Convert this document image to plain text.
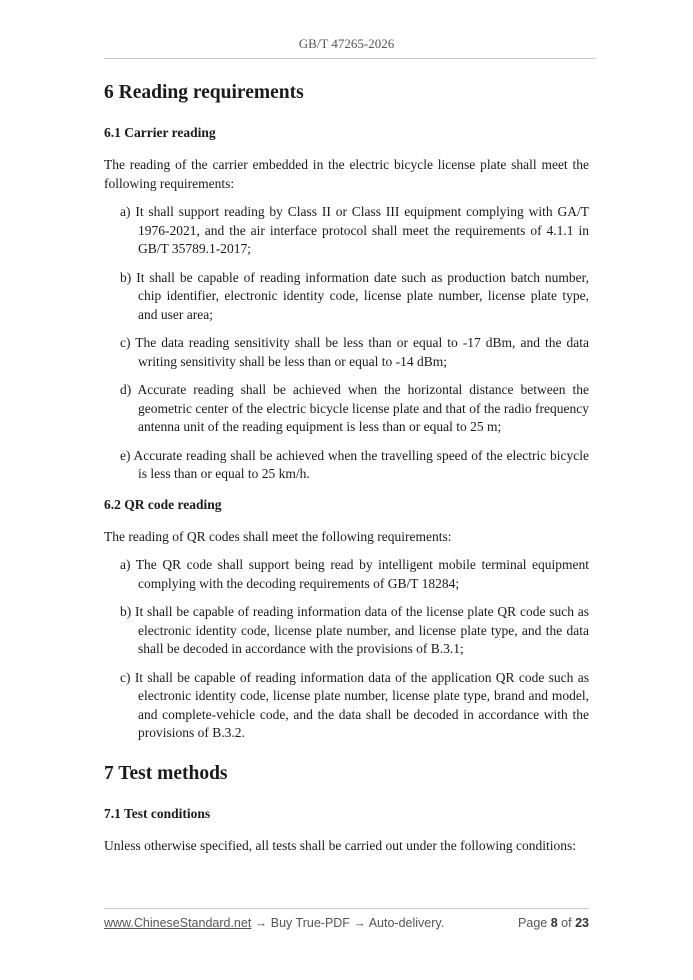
GB/T 47265-2026
6 Reading requirements
6.1 Carrier reading

The reading of the carrier embedded in the electric bicycle license plate shall meet the following requirements:

a) It shall support reading by Class II or Class III equipment complying with GA/T 1976-2021, and the air interface protocol shall meet the requirements of 4.1.1 in GB/T 35789.1-2017;

b) It shall be capable of reading information date such as production batch number, chip identifier, electronic identity code, license plate number, license plate type, and user area;

c) The data reading sensitivity shall be less than or equal to -17 dBm, and the data writing sensitivity shall be less than or equal to -14 dBm;

d) Accurate reading shall be achieved when the horizontal distance between the geometric center of the electric bicycle license plate and that of the radio frequency antenna unit of the reading equipment is less than or equal to 25 m;

e) Accurate reading shall be achieved when the travelling speed of the electric bicycle is less than or equal to 25 km/h.

6.2 QR code reading

The reading of QR codes shall meet the following requirements:

a) The QR code shall support being read by intelligent mobile terminal equipment complying with the decoding requirements of GB/T 18284;

b) It shall be capable of reading information data of the license plate QR code such as electronic identity code, license plate number, and license plate type, and the data shall be decoded in accordance with the provisions of B.3.1;

c) It shall be capable of reading information data of the application QR code such as electronic identity code, license plate number, license plate type, brand and model, and complete-vehicle code, and the data shall be decoded in accordance with the provisions of B.3.2.

7 Test methods
7.1 Test conditions

Unless otherwise specified, all tests shall be carried out under the following conditions:

www.ChineseStandard.net → Buy True-PDF → Auto-delivery.	Page 8 of 23
